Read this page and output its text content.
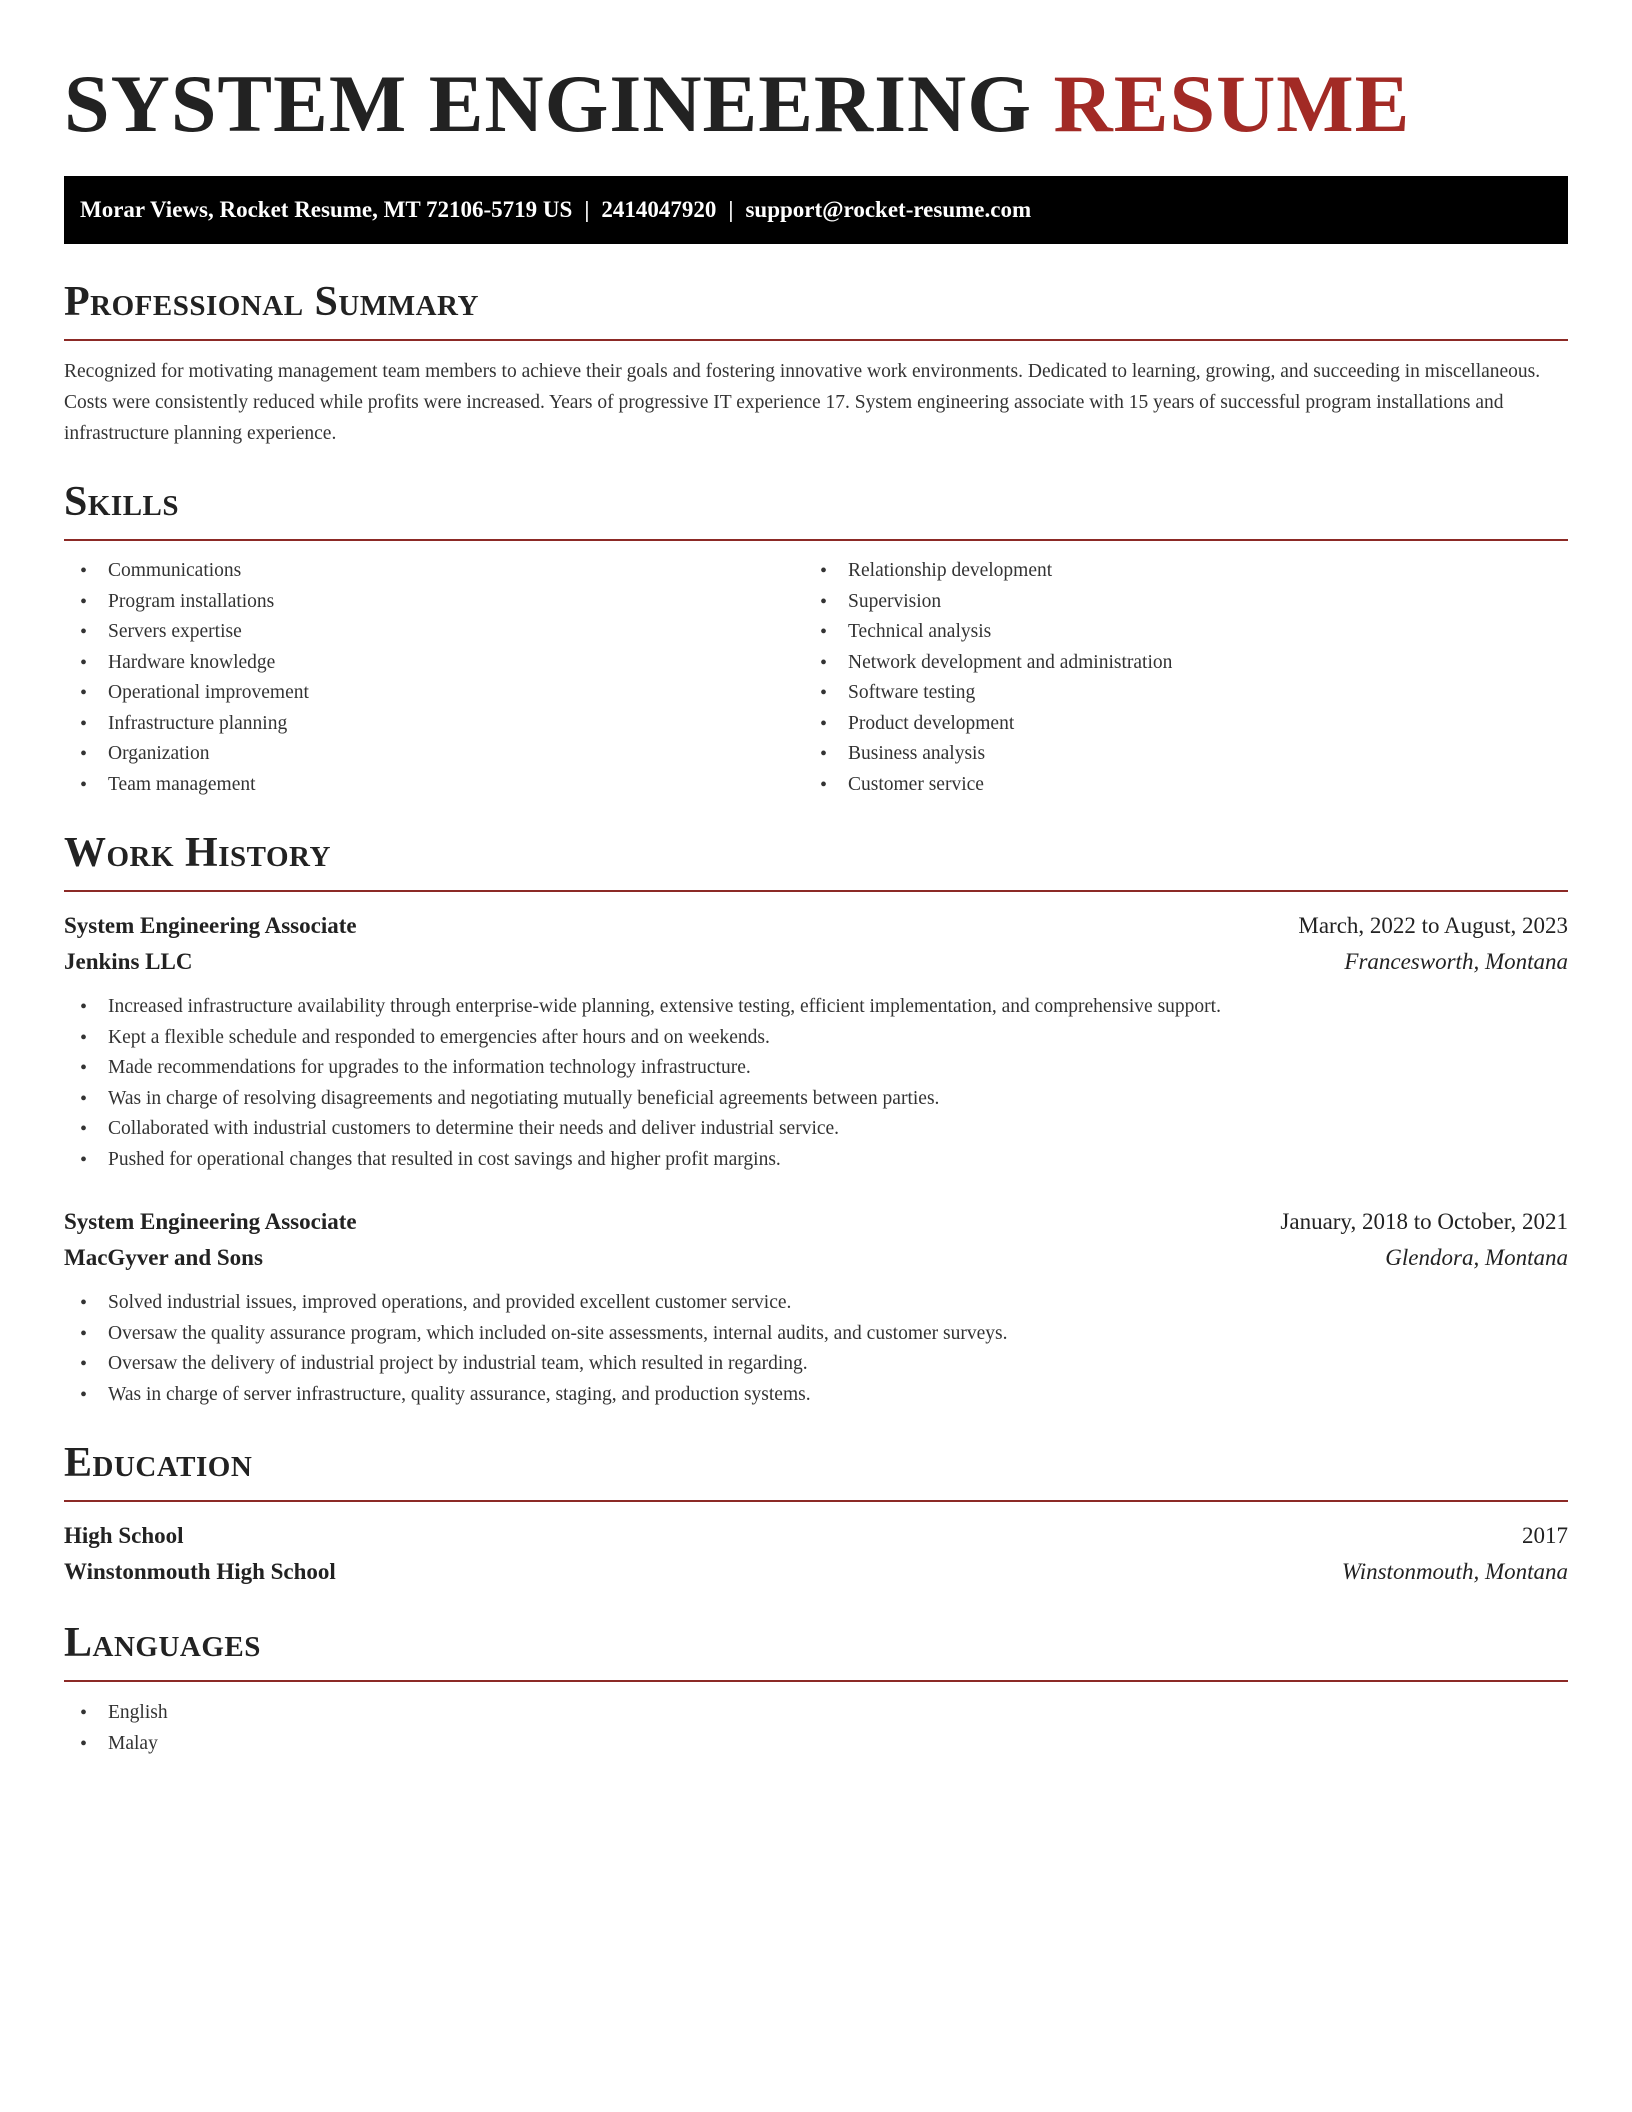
SYSTEM ENGINEERING RESUME
Morar Views, Rocket Resume, MT 72106-5719 US | 2414047920 | support@rocket-resume.com
Professional Summary
Recognized for motivating management team members to achieve their goals and fostering innovative work environments. Dedicated to learning, growing, and succeeding in miscellaneous. Costs were consistently reduced while profits were increased. Years of progressive IT experience 17. System engineering associate with 15 years of successful program installations and infrastructure planning experience.
Skills
• Communications
• Program installations
• Servers expertise
• Hardware knowledge
• Operational improvement
• Infrastructure planning
• Organization
• Team management
• Relationship development
• Supervision
• Technical analysis
• Network development and administration
• Software testing
• Product development
• Business analysis
• Customer service
Work History
System Engineering Associate	March, 2022 to August, 2023
Jenkins LLC	Francesworth, Montana
• Increased infrastructure availability through enterprise-wide planning, extensive testing, efficient implementation, and comprehensive support.
• Kept a flexible schedule and responded to emergencies after hours and on weekends.
• Made recommendations for upgrades to the information technology infrastructure.
• Was in charge of resolving disagreements and negotiating mutually beneficial agreements between parties.
• Collaborated with industrial customers to determine their needs and deliver industrial service.
• Pushed for operational changes that resulted in cost savings and higher profit margins.
System Engineering Associate	January, 2018 to October, 2021
MacGyver and Sons	Glendora, Montana
• Solved industrial issues, improved operations, and provided excellent customer service.
• Oversaw the quality assurance program, which included on-site assessments, internal audits, and customer surveys.
• Oversaw the delivery of industrial project by industrial team, which resulted in regarding.
• Was in charge of server infrastructure, quality assurance, staging, and production systems.
Education
High School	2017
Winstonmouth High School	Winstonmouth, Montana
Languages
• English
• Malay
